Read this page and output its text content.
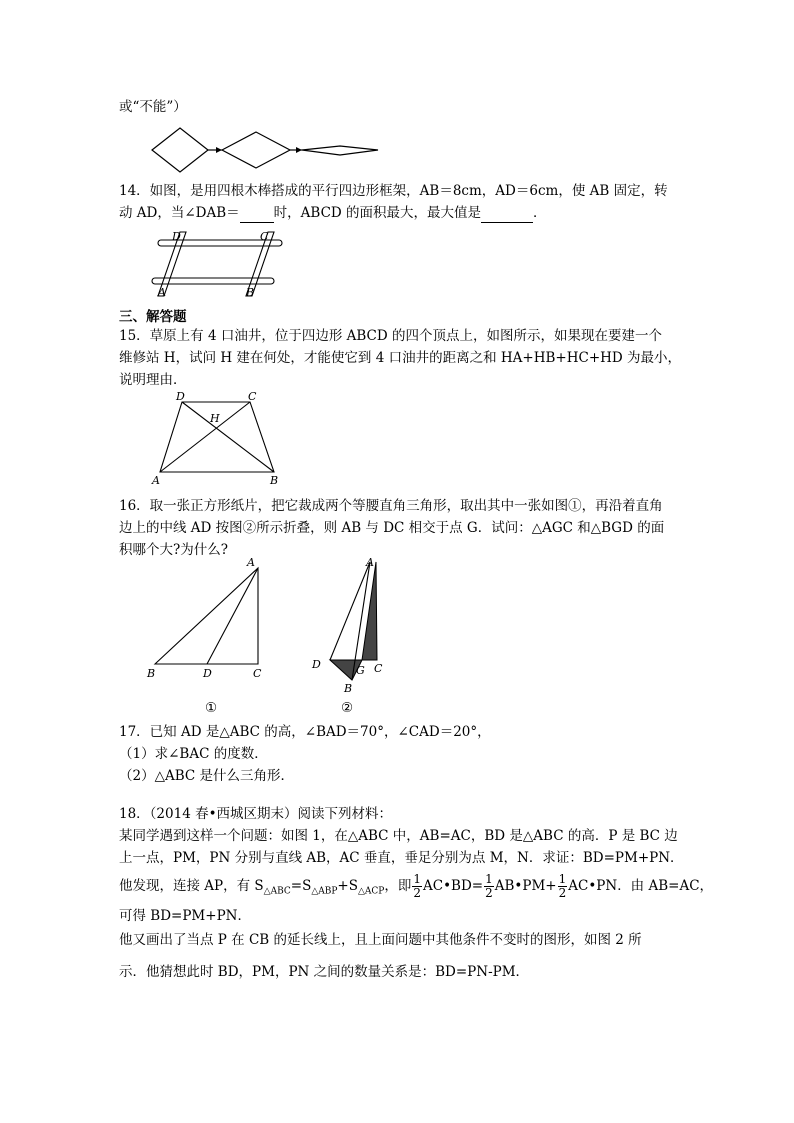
或“不能”）
14．如图，是用四根木棒搭成的平行四边形框架，AB＝8cm，AD＝6cm，使 AB 固定，转
动 AD，当∠DAB＝	时，ABCD 的面积最大，最大值是	．
D	C
A	B
三、解答题
15．草原上有 4 口油井，位于四边形 ABCD 的四个顶点上，如图所示，如果现在要建一个
维修站 H，试问 H 建在何处，才能使它到 4 口油井的距离之和 HA+HB+HC+HD 为最小，
说明理由．
D	C
H
A	B
16．取一张正方形纸片，把它裁成两个等腰直角三角形，取出其中一张如图①，再沿着直角
边上的中线 AD 按图②所示折叠，则 AB 与 DC 相交于点 G．试问：△AGC 和△BGD 的面
积哪个大?为什么?
A
B	D	C
①
A
D	G C
B
②
17．已知 AD 是△ABC 的高，∠BAD＝70°，∠CAD＝20°，
（1）求∠BAC 的度数．
（2）△ABC 是什么三角形．
18．（2014 春•西城区期末）阅读下列材料：
某同学遇到这样一个问题：如图 1，在△ABC 中，AB=AC，BD 是△ABC 的高．P 是 BC 边
上一点，PM，PN 分别与直线 AB，AC 垂直，垂足分别为点 M，N．求证：BD=PM+PN．
他发现，连接 AP，有 $S_{\triangle ABC}=S_{\triangle ABP}+S_{\triangle ACP}$，即 $\frac{1}{2}$ AC•BD= $\frac{1}{2}$ AB•PM+ $\frac{1}{2}$ AC•PN．由 AB=AC，
可得 BD=PM+PN．
他又画出了当点 P 在 CB 的延长线上，且上面问题中其他条件不变时的图形，如图 2 所
示．他猜想此时 BD，PM，PN 之间的数量关系是：BD=PN-PM．
